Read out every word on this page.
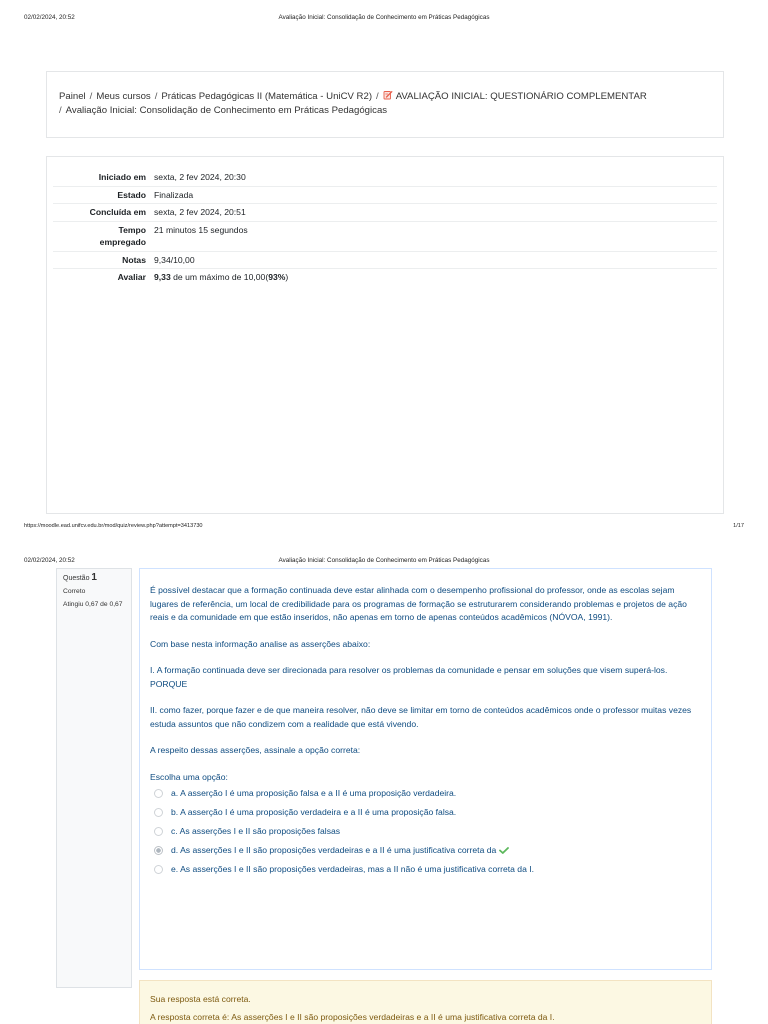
02/02/2024, 20:52	Avaliação Inicial: Consolidação de Conhecimento em Práticas Pedagógicas
Painel / Meus cursos / Práticas Pedagógicas II (Matemática - UniCV R2) / AVALIAÇÃO INICIAL: QUESTIONÁRIO COMPLEMENTAR
/ Avaliação Inicial: Consolidação de Conhecimento em Práticas Pedagógicas
Iniciado em	sexta, 2 fev 2024, 20:30
Estado	Finalizada
Concluída em	sexta, 2 fev 2024, 20:51
Tempo empregado	21 minutos 15 segundos
Notas	9,34/10,00
Avaliar	9,33 de um máximo de 10,00(93%)
https://moodle.ead.unifcv.edu.br/mod/quiz/review.php?attempt=3413730	1/17
02/02/2024, 20:52	Avaliação Inicial: Consolidação de Conhecimento em Práticas Pedagógicas
Questão 1
Correto
Atingiu 0,67 de 0,67

É possível destacar que a formação continuada deve estar alinhada com o desempenho profissional do professor, onde as escolas sejam lugares de referência, um local de credibilidade para os programas de formação se estruturarem considerando problemas e projetos de ação reais e da comunidade em que estão inseridos, não apenas em torno de apenas conteúdos acadêmicos (NÓVOA, 1991).

Com base nesta informação analise as asserções abaixo:

I. A formação continuada deve ser direcionada para resolver os problemas da comunidade e pensar em soluções que visem superá-los.

PORQUE

II. como fazer, porque fazer e de que maneira resolver, não deve se limitar em torno de conteúdos acadêmicos onde o professor muitas vezes estuda assuntos que não condizem com a realidade que está vivendo.

A respeito dessas asserções, assinale a opção correta:

Escolha uma opção:

a. A asserção I é uma proposição falsa e a II é uma proposição verdadeira.
b. A asserção I é uma proposição verdadeira e a II é uma proposição falsa.
c. As asserções I e II são proposições falsas
d. As asserções I e II são proposições verdadeiras e a II é uma justificativa correta da
e. As asserções I e II são proposições verdadeiras, mas a II não é uma justificativa correta da I.
Sua resposta está correta.
A resposta correta é: As asserções I e II são proposições verdadeiras e a II é uma justificativa correta da I.
